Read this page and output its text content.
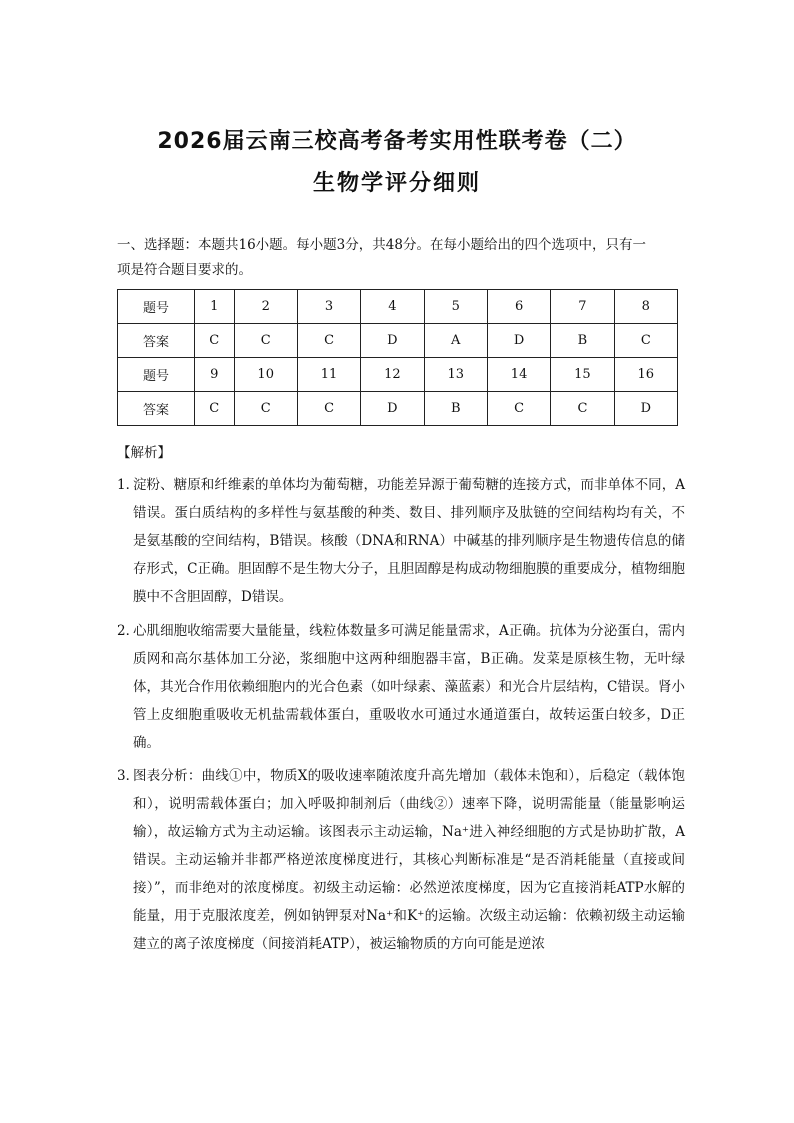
2026届云南三校高考备考实用性联考卷（二）
生物学评分细则

一、选择题：本题共16小题。每小题3分，共48分。在每小题给出的四个选项中，只有一

项是符合题目要求的。

题号	1	2	3	4	5	6	7	8
答案	C	C	C	D	A	D	B	C
题号	9	10	11	12	13	14	15	16
答案	C	C	C	D	B	C	C	D
【解析】
1．
淀粉、糖原和纤维素的单体均为葡萄糖，功能差异源于葡萄糖的连接方式，而非单体不同，A错误。蛋白质结构的多样性与氨基酸的种类、数目、排列顺序及肽链的空间结构均有关，不是氨基酸的空间结构，B错误。核酸（DNA和RNA）中碱基的排列顺序是生物遗传信息的储存形式，C正确。胆固醇不是生物大分子，且胆固醇是构成动物细胞膜的重要成分，植物细胞膜中不含胆固醇，D错误。
2．
心肌细胞收缩需要大量能量，线粒体数量多可满足能量需求，A正确。抗体为分泌蛋白，需内质网和高尔基体加工分泌，浆细胞中这两种细胞器丰富，B正确。发菜是原核生物，无叶绿体，其光合作用依赖细胞内的光合色素（如叶绿素、藻蓝素）和光合片层结构，C错误。肾小管上皮细胞重吸收无机盐需载体蛋白，重吸收水可通过水通道蛋白，故转运蛋白较多，D正确。
3．
图表分析：曲线①中，物质X的吸收速率随浓度升高先增加（载体未饱和），后稳定（载体饱和），说明需载体蛋白；加入呼吸抑制剂后（曲线②）速率下降，说明需能量（能量影响运输），故运输方式为主动运输。该图表示主动运输，Na⁺进入神经细胞的方式是协助扩散，A错误。主动运输并非都严格逆浓度梯度进行，其核心判断标准是“是否消耗能量（直接或间接）”，而非绝对的浓度梯度。初级主动运输：必然逆浓度梯度，因为它直接消耗ATP水解的能量，用于克服浓度差，例如钠钾泵对Na⁺和K⁺的运输。次级主动运输：依赖初级主动运输建立的离子浓度梯度（间接消耗ATP），被运输物质的方向可能是逆浓
